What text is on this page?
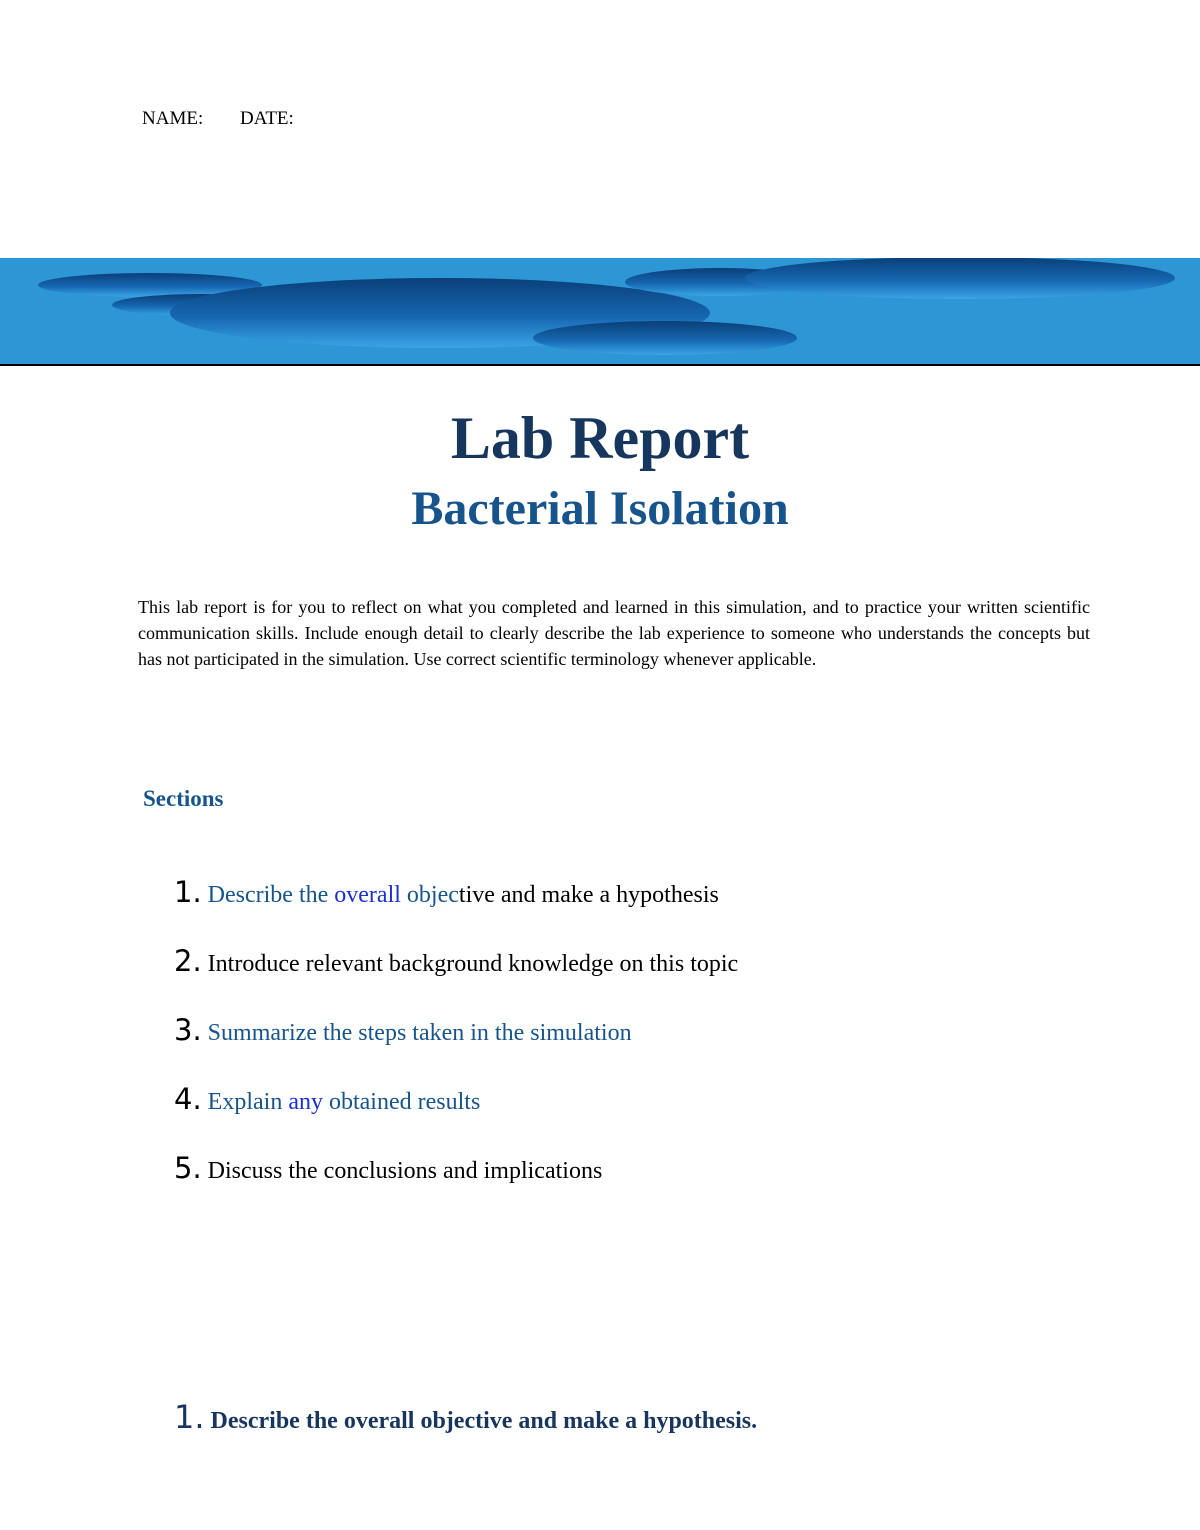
NAME: DATE:
Lab Report
Bacterial Isolation

This lab report is for you to reflect on what you completed and learned in this simulation, and to practice your written scientific communication skills. Include enough detail to clearly describe the lab experience to someone who understands the concepts but has not participated in the simulation. Use correct scientific terminology whenever applicable.

Sections
1. Describe the overall objective and make a hypothesis
2. Introduce relevant background knowledge on this topic
3. Summarize the steps taken in the simulation
4. Explain any obtained results
5. Discuss the conclusions and implications
1. Describe the overall objective and make a hypothesis.
